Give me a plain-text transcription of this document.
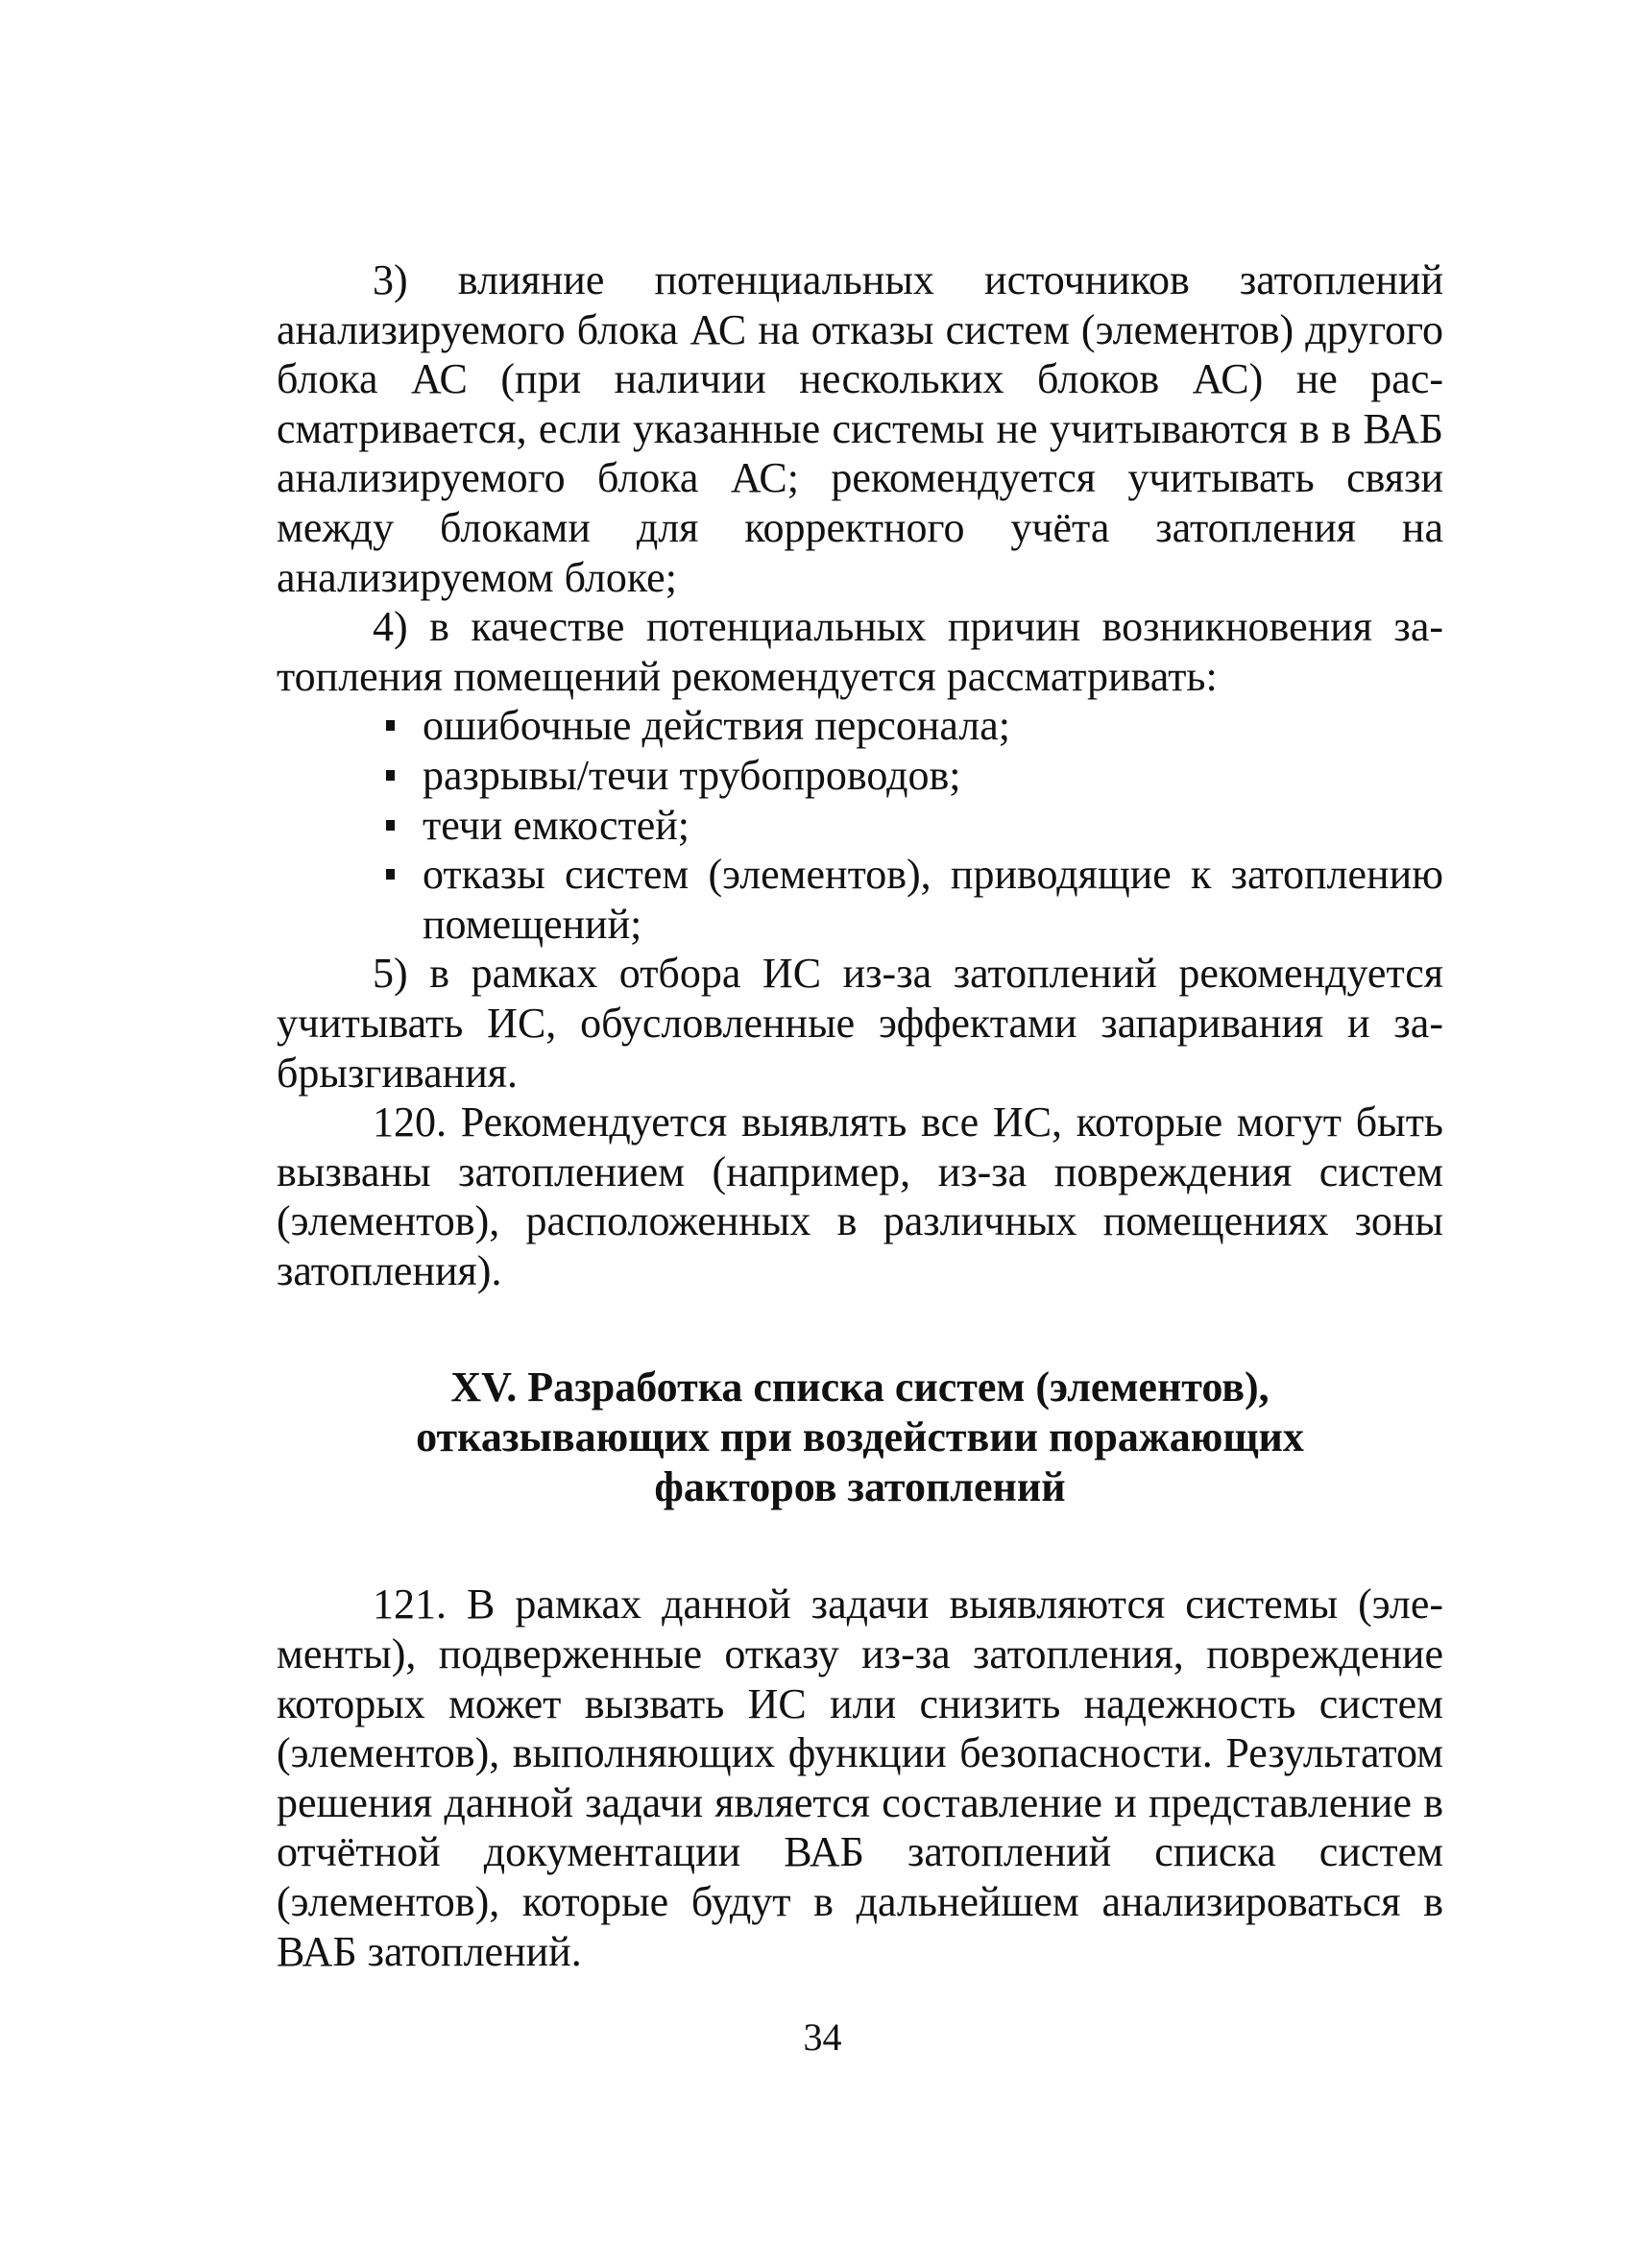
3) влияние потенциальных источников затоплений анализируемого блока АС на отказы систем (элементов) другого блока АС (при наличии нескольких блоков АС) не рассматривается, если указанные системы не учитываются в в ВАБ анализируемого блока АС; рекомендуется учитывать связи между блоками для корректного учёта затопления на анализируемом блоке;

4) в качестве потенциальных причин возникновения затопления помещений рекомендуется рассматривать:

ошибочные действия персонала;
разрывы/течи трубопроводов;
течи емкостей;
отказы систем (элементов), приводящие к затоплению помещений;

5) в рамках отбора ИС из-за затоплений рекомендуется учитывать ИС, обусловленные эффектами запаривания и забрызгивания.

120. Рекомендуется выявлять все ИС, которые могут быть вызваны затоплением (например, из-за повреждения систем (элементов), расположенных в различных помещениях зоны затопления).

XV. Разработка списка систем (элементов),
отказывающих при воздействии поражающих
факторов затоплений

121. В рамках данной задачи выявляются системы (элементы), подверженные отказу из-за затопления, повреждение которых может вызвать ИС или снизить надежность систем (элементов), выполняющих функции безопасности. Результатом решения данной задачи является составление и представление в отчётной документации ВАБ затоплений списка систем (элементов), которые будут в дальнейшем анализироваться в ВАБ затоплений.

34
